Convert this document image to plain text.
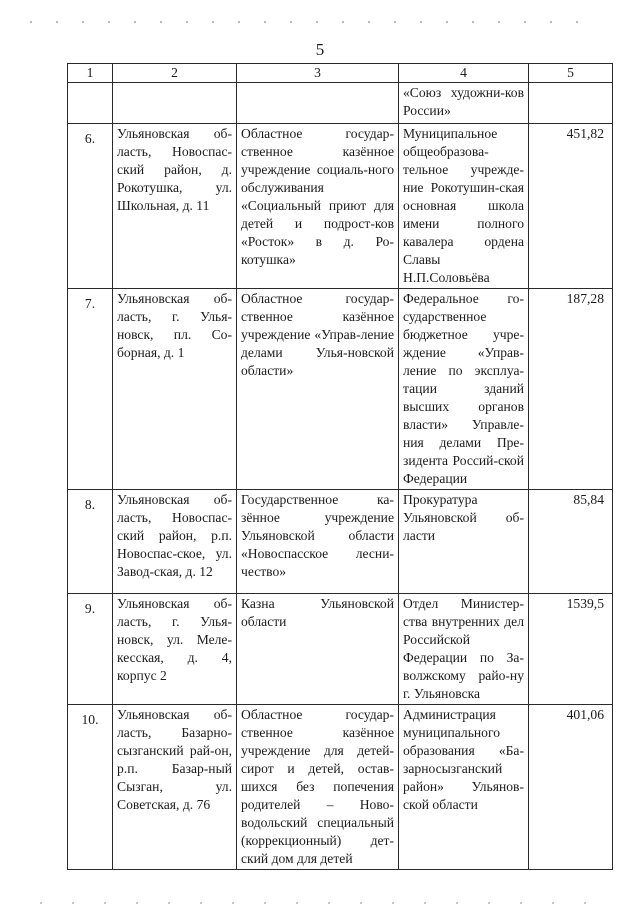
5
1	2	3	4	5
			«Союз художни-ков России»	
6.	Ульяновская об-ласть, Новоспас-ский район, д. Рокотушка, ул. Школьная, д. 11	Областное государ-ственное казённое учреждение социаль-ного обслуживания «Социальный приют для детей и подрост-ков «Росток» в д. Ро-котушка»	Муниципальное общеобразова-тельное учрежде-ние Рокотушин-ская основная школа имени полного кавалера ордена Славы Н.П.Соловьёва	451,82
7.	Ульяновская об-ласть, г. Улья-новск, пл. Со-борная, д. 1	Областное государ-ственное казённое учреждение «Управ-ление делами Улья-новской области»	Федеральное го-сударственное бюджетное учре-ждение «Управ-ление по эксплуа-тации зданий высших органов власти» Управле-ния делами Пре-зидента Россий-ской Федерации	187,28
8.	Ульяновская об-ласть, Новоспас-ский район, р.п. Новоспас-ское, ул. Завод-ская, д. 12	Государственное ка-зённое учреждение Ульяновской области «Новоспасское лесни-чество»	Прокуратура Ульяновской об-ласти	85,84
9.	Ульяновская об-ласть, г. Улья-новск, ул. Меле-кесская, д. 4, корпус 2	Казна Ульяновской области	Отдел Министер-ства внутренних дел Российской Федерации по За-волжскому райо-ну г. Ульяновска	1539,5
10.	Ульяновская об-ласть, Базарно-сызганский рай-он, р.п. Базар-ный Сызган, ул. Советская, д. 76	Областное государ-ственное казённое учреждение для детей-сирот и детей, остав-шихся без попечения родителей – Ново-водольский специальный (коррекционный) дет-ский дом для детей	Администрация муниципального образования «Ба-зарносызганский район» Ульянов-ской области	401,06
